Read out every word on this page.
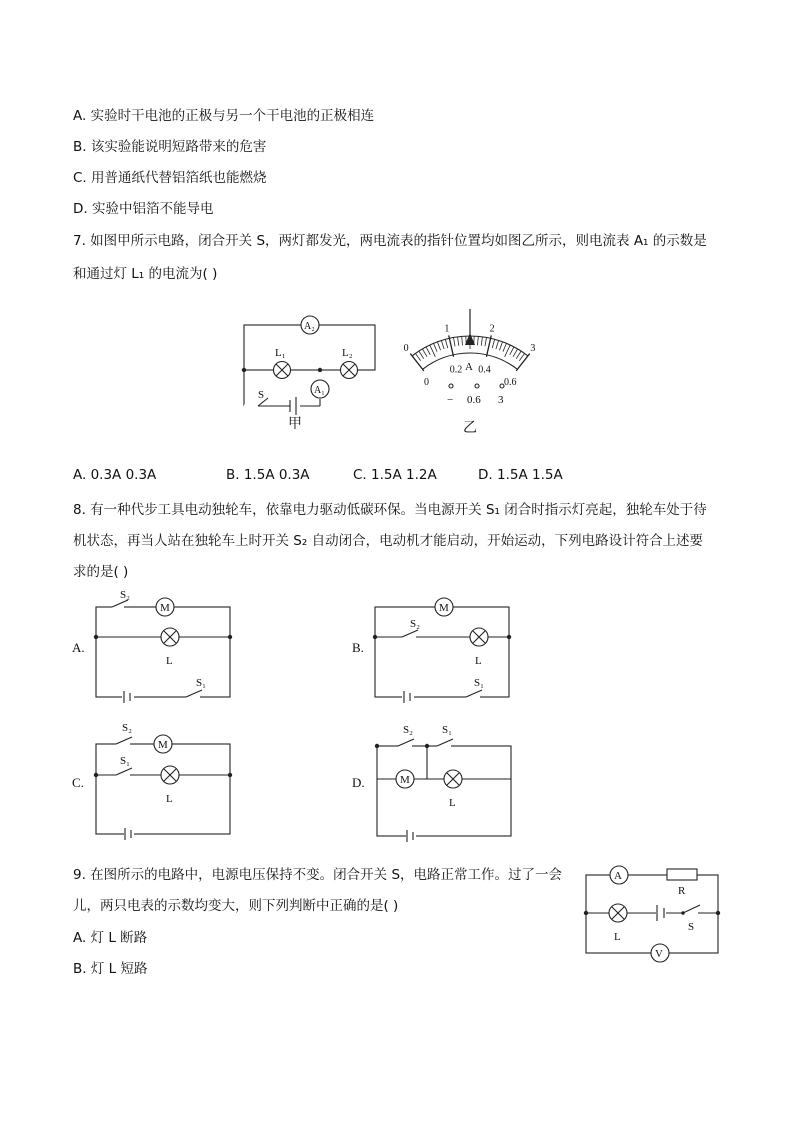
A. 实验时干电池的正极与另一个干电池的正极相连
B. 该实验能说明短路带来的危害
C. 用普通纸代替铝箔纸也能燃烧
D. 实验中铝箔不能导电
7. 如图甲所示电路，闭合开关 S，两灯都发光，两电流表的指针位置均如图乙所示，则电流表 A₁ 的示数是
和通过灯 L₁ 的电流为( )
A₂
L₁	L₂
A₁
S
甲
0
0
1
0.2
2
0.4
3
0.6
A
− 0.6 3
乙
A. 0.3A 0.3A	B. 1.5A 0.3A	C. 1.5A 1.2A	D. 1.5A 1.5A
8. 有一种代步工具电动独轮车，依靠电力驱动低碳环保。当电源开关 S₁ 闭合时指示灯亮起，独轮车处于待
机状态，再当人站在独轮车上时开关 S₂ 自动闭合，电动机才能启动，开始运动，下列电路设计符合上述要
求的是( )
A.
S₂
M
L
S₁
B.
M
S₂
L
S₁
C.
S₂
M
S₁
L
D.
S₂	S₁
M
L
9. 在图所示的电路中，电源电压保持不变。闭合开关 S，电路正常工作。过了一会
儿，两只电表的示数均变大，则下列判断中正确的是( )
A. 灯 L 断路
B. 灯 L 短路
A
R
L
S
V
